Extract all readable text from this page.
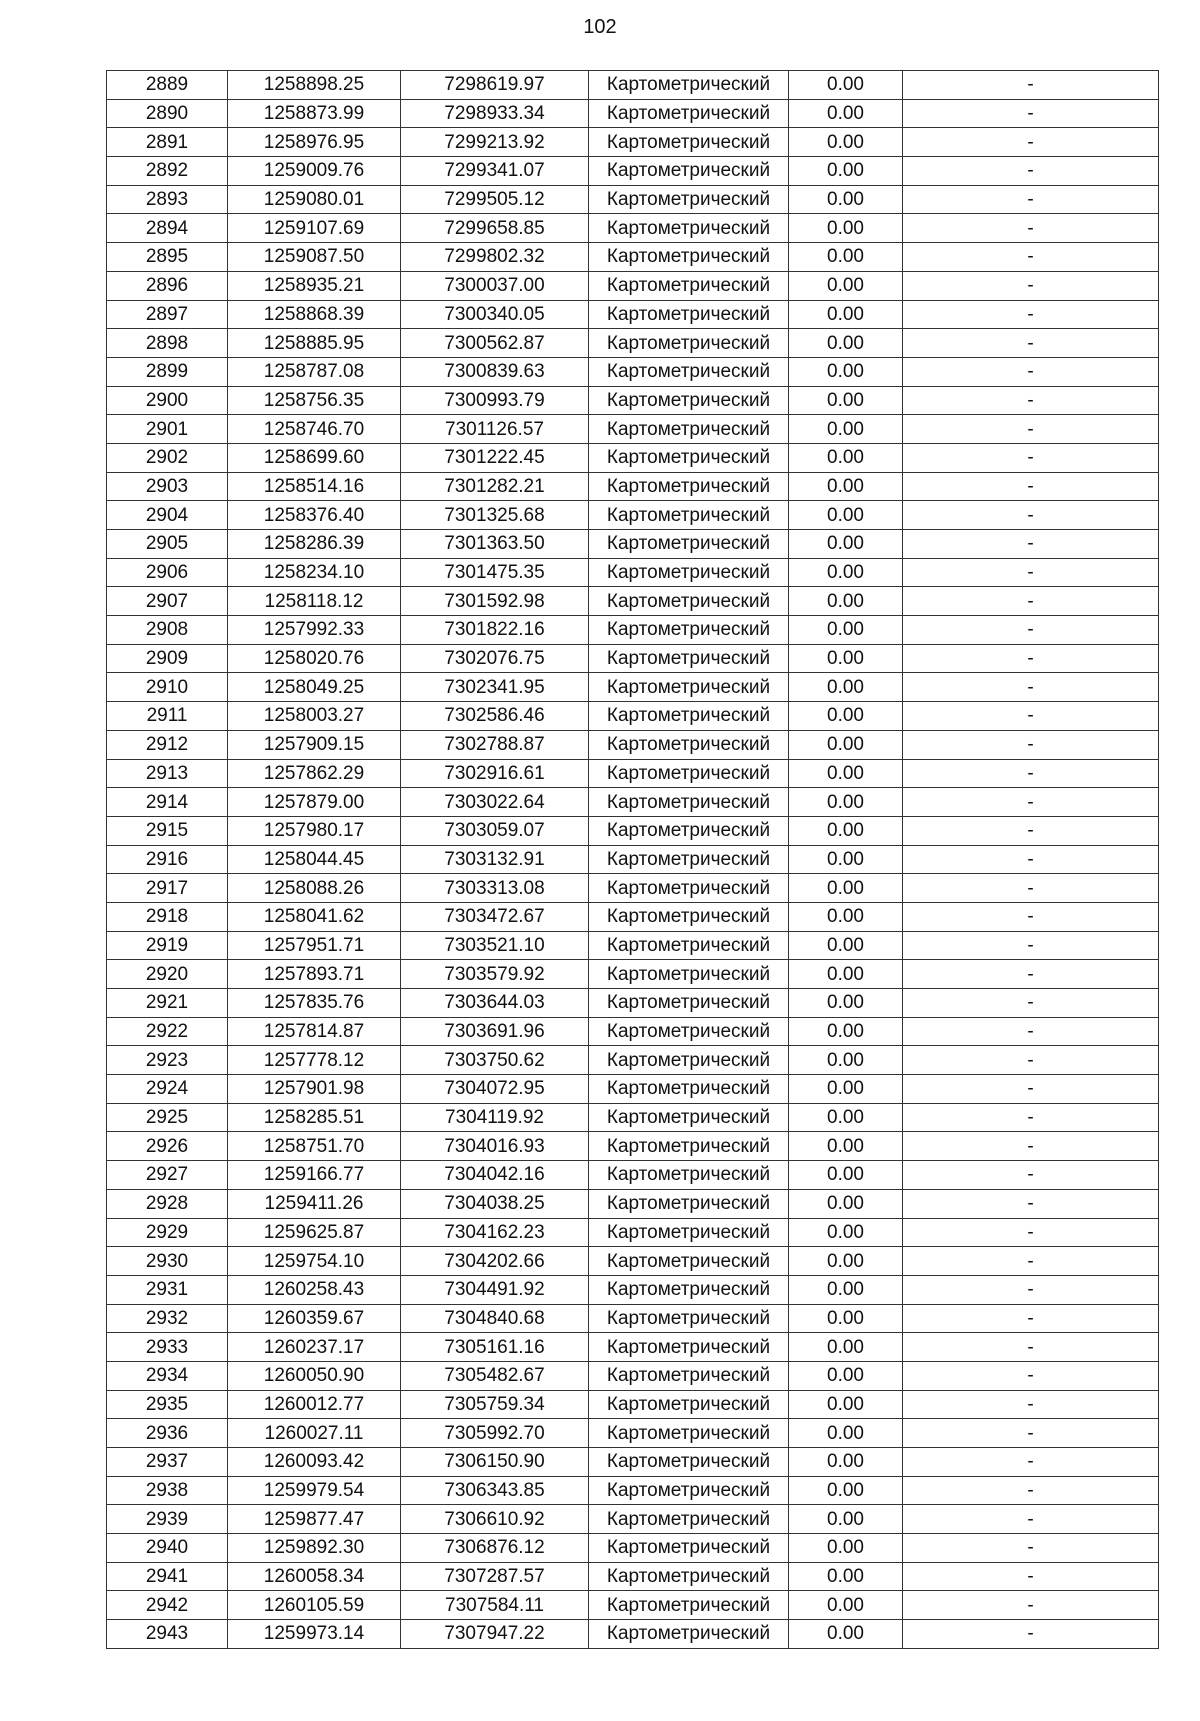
102
2889	1258898.25	7298619.97	Картометрический	0.00	-
2890	1258873.99	7298933.34	Картометрический	0.00	-
2891	1258976.95	7299213.92	Картометрический	0.00	-
2892	1259009.76	7299341.07	Картометрический	0.00	-
2893	1259080.01	7299505.12	Картометрический	0.00	-
2894	1259107.69	7299658.85	Картометрический	0.00	-
2895	1259087.50	7299802.32	Картометрический	0.00	-
2896	1258935.21	7300037.00	Картометрический	0.00	-
2897	1258868.39	7300340.05	Картометрический	0.00	-
2898	1258885.95	7300562.87	Картометрический	0.00	-
2899	1258787.08	7300839.63	Картометрический	0.00	-
2900	1258756.35	7300993.79	Картометрический	0.00	-
2901	1258746.70	7301126.57	Картометрический	0.00	-
2902	1258699.60	7301222.45	Картометрический	0.00	-
2903	1258514.16	7301282.21	Картометрический	0.00	-
2904	1258376.40	7301325.68	Картометрический	0.00	-
2905	1258286.39	7301363.50	Картометрический	0.00	-
2906	1258234.10	7301475.35	Картометрический	0.00	-
2907	1258118.12	7301592.98	Картометрический	0.00	-
2908	1257992.33	7301822.16	Картометрический	0.00	-
2909	1258020.76	7302076.75	Картометрический	0.00	-
2910	1258049.25	7302341.95	Картометрический	0.00	-
2911	1258003.27	7302586.46	Картометрический	0.00	-
2912	1257909.15	7302788.87	Картометрический	0.00	-
2913	1257862.29	7302916.61	Картометрический	0.00	-
2914	1257879.00	7303022.64	Картометрический	0.00	-
2915	1257980.17	7303059.07	Картометрический	0.00	-
2916	1258044.45	7303132.91	Картометрический	0.00	-
2917	1258088.26	7303313.08	Картометрический	0.00	-
2918	1258041.62	7303472.67	Картометрический	0.00	-
2919	1257951.71	7303521.10	Картометрический	0.00	-
2920	1257893.71	7303579.92	Картометрический	0.00	-
2921	1257835.76	7303644.03	Картометрический	0.00	-
2922	1257814.87	7303691.96	Картометрический	0.00	-
2923	1257778.12	7303750.62	Картометрический	0.00	-
2924	1257901.98	7304072.95	Картометрический	0.00	-
2925	1258285.51	7304119.92	Картометрический	0.00	-
2926	1258751.70	7304016.93	Картометрический	0.00	-
2927	1259166.77	7304042.16	Картометрический	0.00	-
2928	1259411.26	7304038.25	Картометрический	0.00	-
2929	1259625.87	7304162.23	Картометрический	0.00	-
2930	1259754.10	7304202.66	Картометрический	0.00	-
2931	1260258.43	7304491.92	Картометрический	0.00	-
2932	1260359.67	7304840.68	Картометрический	0.00	-
2933	1260237.17	7305161.16	Картометрический	0.00	-
2934	1260050.90	7305482.67	Картометрический	0.00	-
2935	1260012.77	7305759.34	Картометрический	0.00	-
2936	1260027.11	7305992.70	Картометрический	0.00	-
2937	1260093.42	7306150.90	Картометрический	0.00	-
2938	1259979.54	7306343.85	Картометрический	0.00	-
2939	1259877.47	7306610.92	Картометрический	0.00	-
2940	1259892.30	7306876.12	Картометрический	0.00	-
2941	1260058.34	7307287.57	Картометрический	0.00	-
2942	1260105.59	7307584.11	Картометрический	0.00	-
2943	1259973.14	7307947.22	Картометрический	0.00	-
